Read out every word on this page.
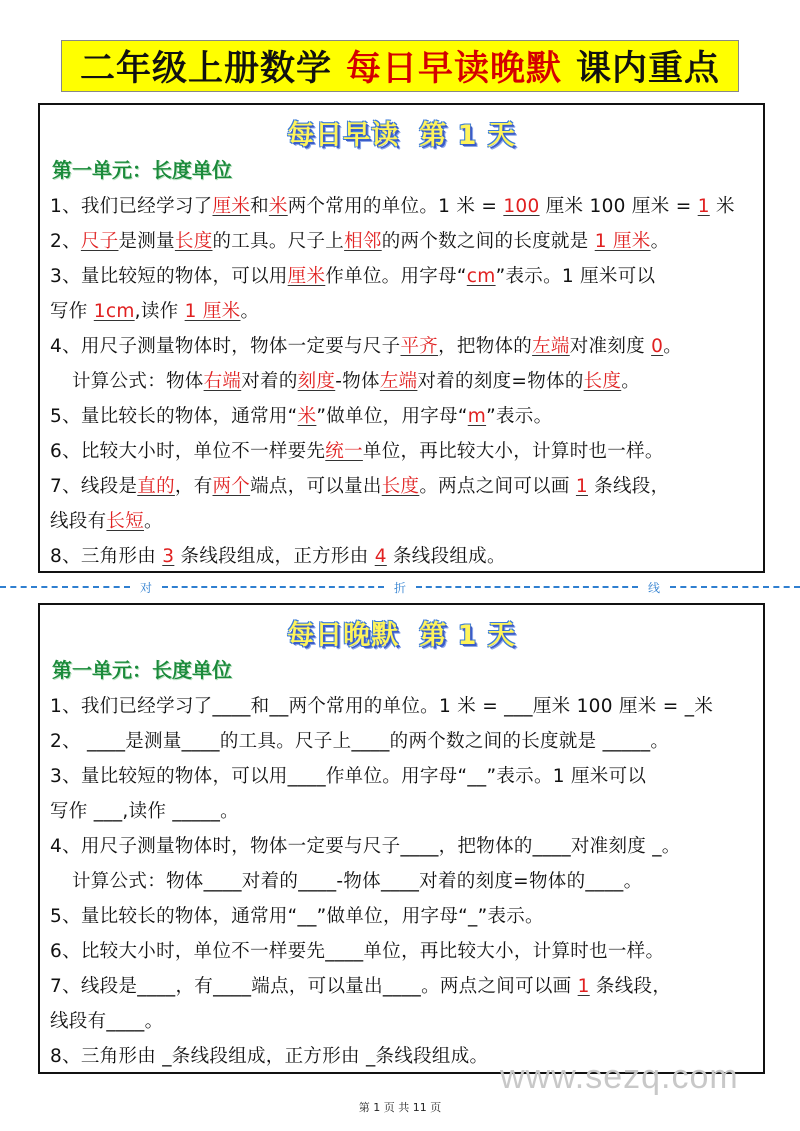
二年级上册数学 每日早读晚默 课内重点
每日早读 第 1 天
第一单元：长度单位
1、我们已经学习了厘米和米两个常用的单位。1 米 = 100 厘米 100 厘米 = 1 米
2、尺子是测量长度的工具。尺子上相邻的两个数之间的长度就是 1 厘米。
3、量比较短的物体，可以用厘米作单位。用字母“cm”表示。1 厘米可以
写作 1cm,读作 1 厘米。
4、用尺子测量物体时，物体一定要与尺子平齐，把物体的左端对准刻度 0。
计算公式：物体右端对着的刻度-物体左端对着的刻度=物体的长度。
5、量比较长的物体，通常用“米”做单位，用字母“m”表示。
6、比较大小时，单位不一样要先统一单位，再比较大小，计算时也一样。
7、线段是直的，有两个端点，可以量出长度。两点之间可以画 1 条线段，
线段有长短。
8、三角形由 3 条线段组成，正方形由 4 条线段组成。
对	折	线
每日晚默 第 1 天
第一单元：长度单位
1、我们已经学习了____和__两个常用的单位。1 米 = ___厘米 100 厘米 = _米
2、 ____是测量____的工具。尺子上____的两个数之间的长度就是 _____。
3、量比较短的物体，可以用____作单位。用字母“__”表示。1 厘米可以
写作 ___,读作 _____。
4、用尺子测量物体时，物体一定要与尺子____，把物体的____对准刻度 _。
计算公式：物体____对着的____-物体____对着的刻度=物体的____。
5、量比较长的物体，通常用“__”做单位，用字母“_”表示。
6、比较大小时，单位不一样要先____单位，再比较大小，计算时也一样。
7、线段是____，有____端点，可以量出____。两点之间可以画 1 条线段，
线段有____。
8、三角形由 _条线段组成，正方形由 _条线段组成。
www.sezq.com
第 1 页 共 11 页
